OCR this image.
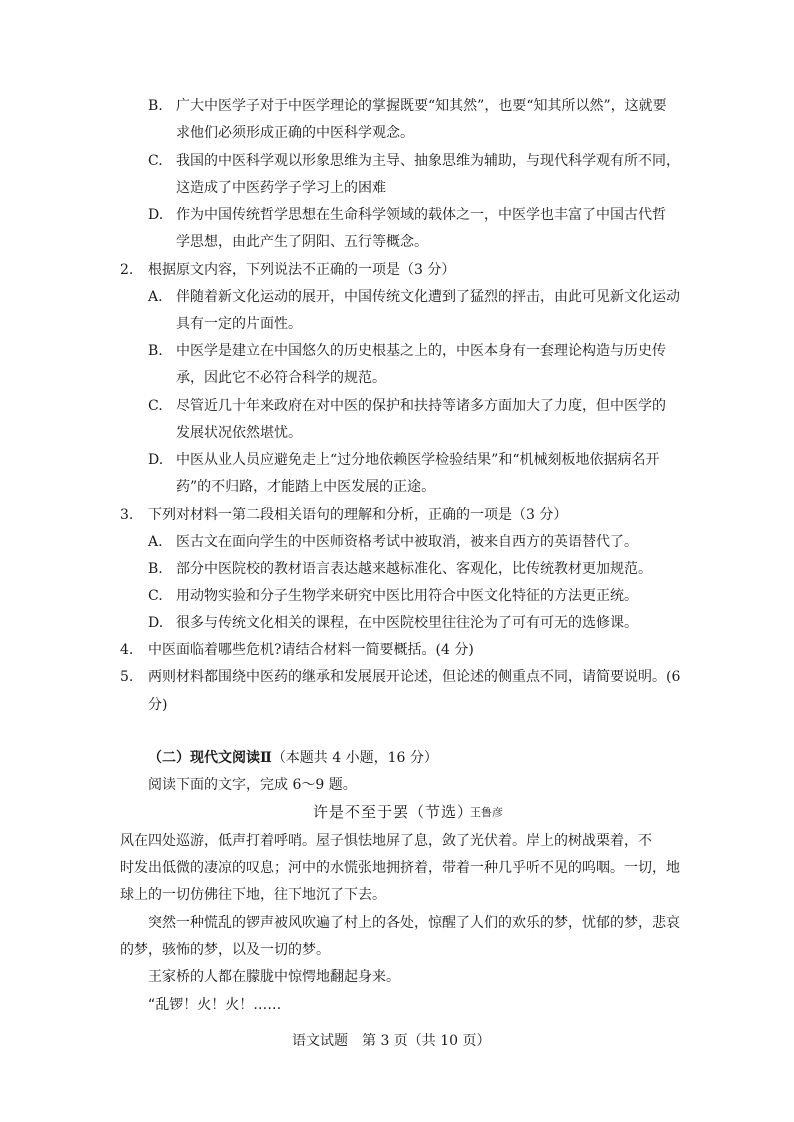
B. 广大中医学子对于中医学理论的掌握既要“知其然”，也要“知其所以然”，这就要
求他们必须形成正确的中医科学观念。
C. 我国的中医科学观以形象思维为主导、抽象思维为辅助，与现代科学观有所不同，
这造成了中医药学子学习上的困难
D. 作为中国传统哲学思想在生命科学领域的载体之一，中医学也丰富了中国古代哲
学思想，由此产生了阴阳、五行等概念。
2. 根据原文内容，下列说法不正确的一项是（3 分）
A. 伴随着新文化运动的展开，中国传统文化遭到了猛烈的抨击，由此可见新文化运动
具有一定的片面性。
B. 中医学是建立在中国悠久的历史根基之上的，中医本身有一套理论构造与历史传
承，因此它不必符合科学的规范。
C. 尽管近几十年来政府在对中医的保护和扶持等诸多方面加大了力度，但中医学的
发展状况依然堪忧。
D. 中医从业人员应避免走上“过分地依赖医学检验结果”和“机械刻板地依据病名开
药”的不归路，才能踏上中医发展的正途。
3. 下列对材料一第二段相关语句的理解和分析，正确的一项是（3 分）
A. 医古文在面向学生的中医师资格考试中被取消，被来自西方的英语替代了。
B. 部分中医院校的教材语言表达越来越标准化、客观化，比传统教材更加规范。
C. 用动物实验和分子生物学来研究中医比用符合中医文化特征的方法更正统。
D. 很多与传统文化相关的课程，在中医院校里往往沦为了可有可无的选修课。
4. 中医面临着哪些危机?请结合材料一简要概括。(4 分)
5. 两则材料都围绕中医药的继承和发展展开论述，但论述的侧重点不同，请简要说明。(6
分)
（二）现代文阅读Ⅱ（本题共 4 小题，16 分）
阅读下面的文字，完成 6～9 题。
许是不至于罢（节选）
王鲁彦
风在四处巡游，低声打着呼哨。屋子惧怯地屏了息，敛了光伏着。岸上的树战栗着，不
时发出低微的凄凉的叹息；河中的水慌张地拥挤着，带着一种几乎听不见的呜咽。一切，地
球上的一切仿佛往下地，往下地沉了下去。
突然一种慌乱的锣声被风吹遍了村上的各处，惊醒了人们的欢乐的梦，忧郁的梦，悲哀
的梦，骇怖的梦，以及一切的梦。
王家桥的人都在朦胧中惊愕地翻起身来。
“乱锣！火！火！……
语文试题　第 3 页（共 10 页）
